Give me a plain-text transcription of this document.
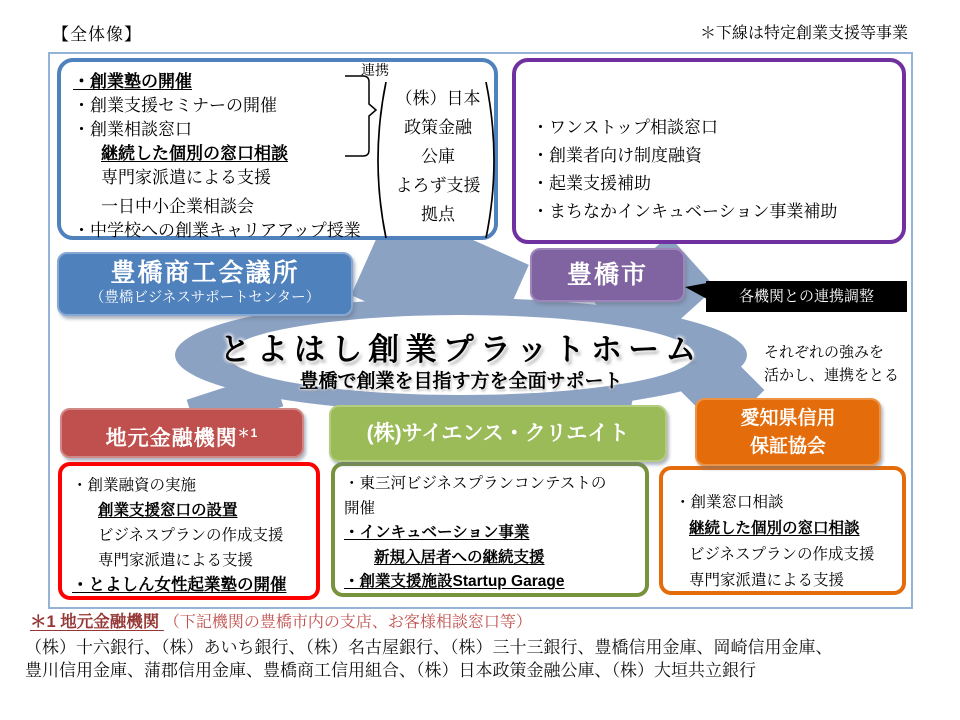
【全体像】	＊下線は特定創業支援等事業
とよはし創業プラットホーム
豊橋で創業を目指す方を全面サポート
それぞれの強みを
活かし、連携をとる
・創業塾の開催
・創業支援セミナーの開催
・創業相談窓口
継続した個別の窓口相談
専門家派遣による支援
一日中小企業相談会
・中学校への創業キャリアアップ授業
連携
（株）日本
政策金融
公庫
よろず支援
拠点
・ワンストップ相談窓口
・創業者向け制度融資
・起業支援補助
・まちなかインキュベーション事業補助
・創業融資の実施
創業支援窓口の設置
ビジネスプランの作成支援
専門家派遣による支援
・とよしん女性起業塾の開催
・東三河ビジネスプランコンテストの
開催
・インキュベーション事業
新規入居者への継続支援
・創業支援施設Startup Garage
・創業窓口相談
継続した個別の窓口相談
ビジネスプランの作成支援
専門家派遣による支援
豊橋商工会議所
（豊橋ビジネスサポートセンター）
豊橋市
地元金融機関$^{*1}$	(株)サイエンス・クリエイト
愛知県信用
保証協会
各機関との連携調整
＊1 地元金融機関 （下記機関の豊橋市内の支店、お客様相談窓口等）
（株）十六銀行、（株）あいち銀行、（株）名古屋銀行、（株）三十三銀行、豊橋信用金庫、岡崎信用金庫、
豊川信用金庫、蒲郡信用金庫、豊橋商工信用組合、（株）日本政策金融公庫、（株）大垣共立銀行
